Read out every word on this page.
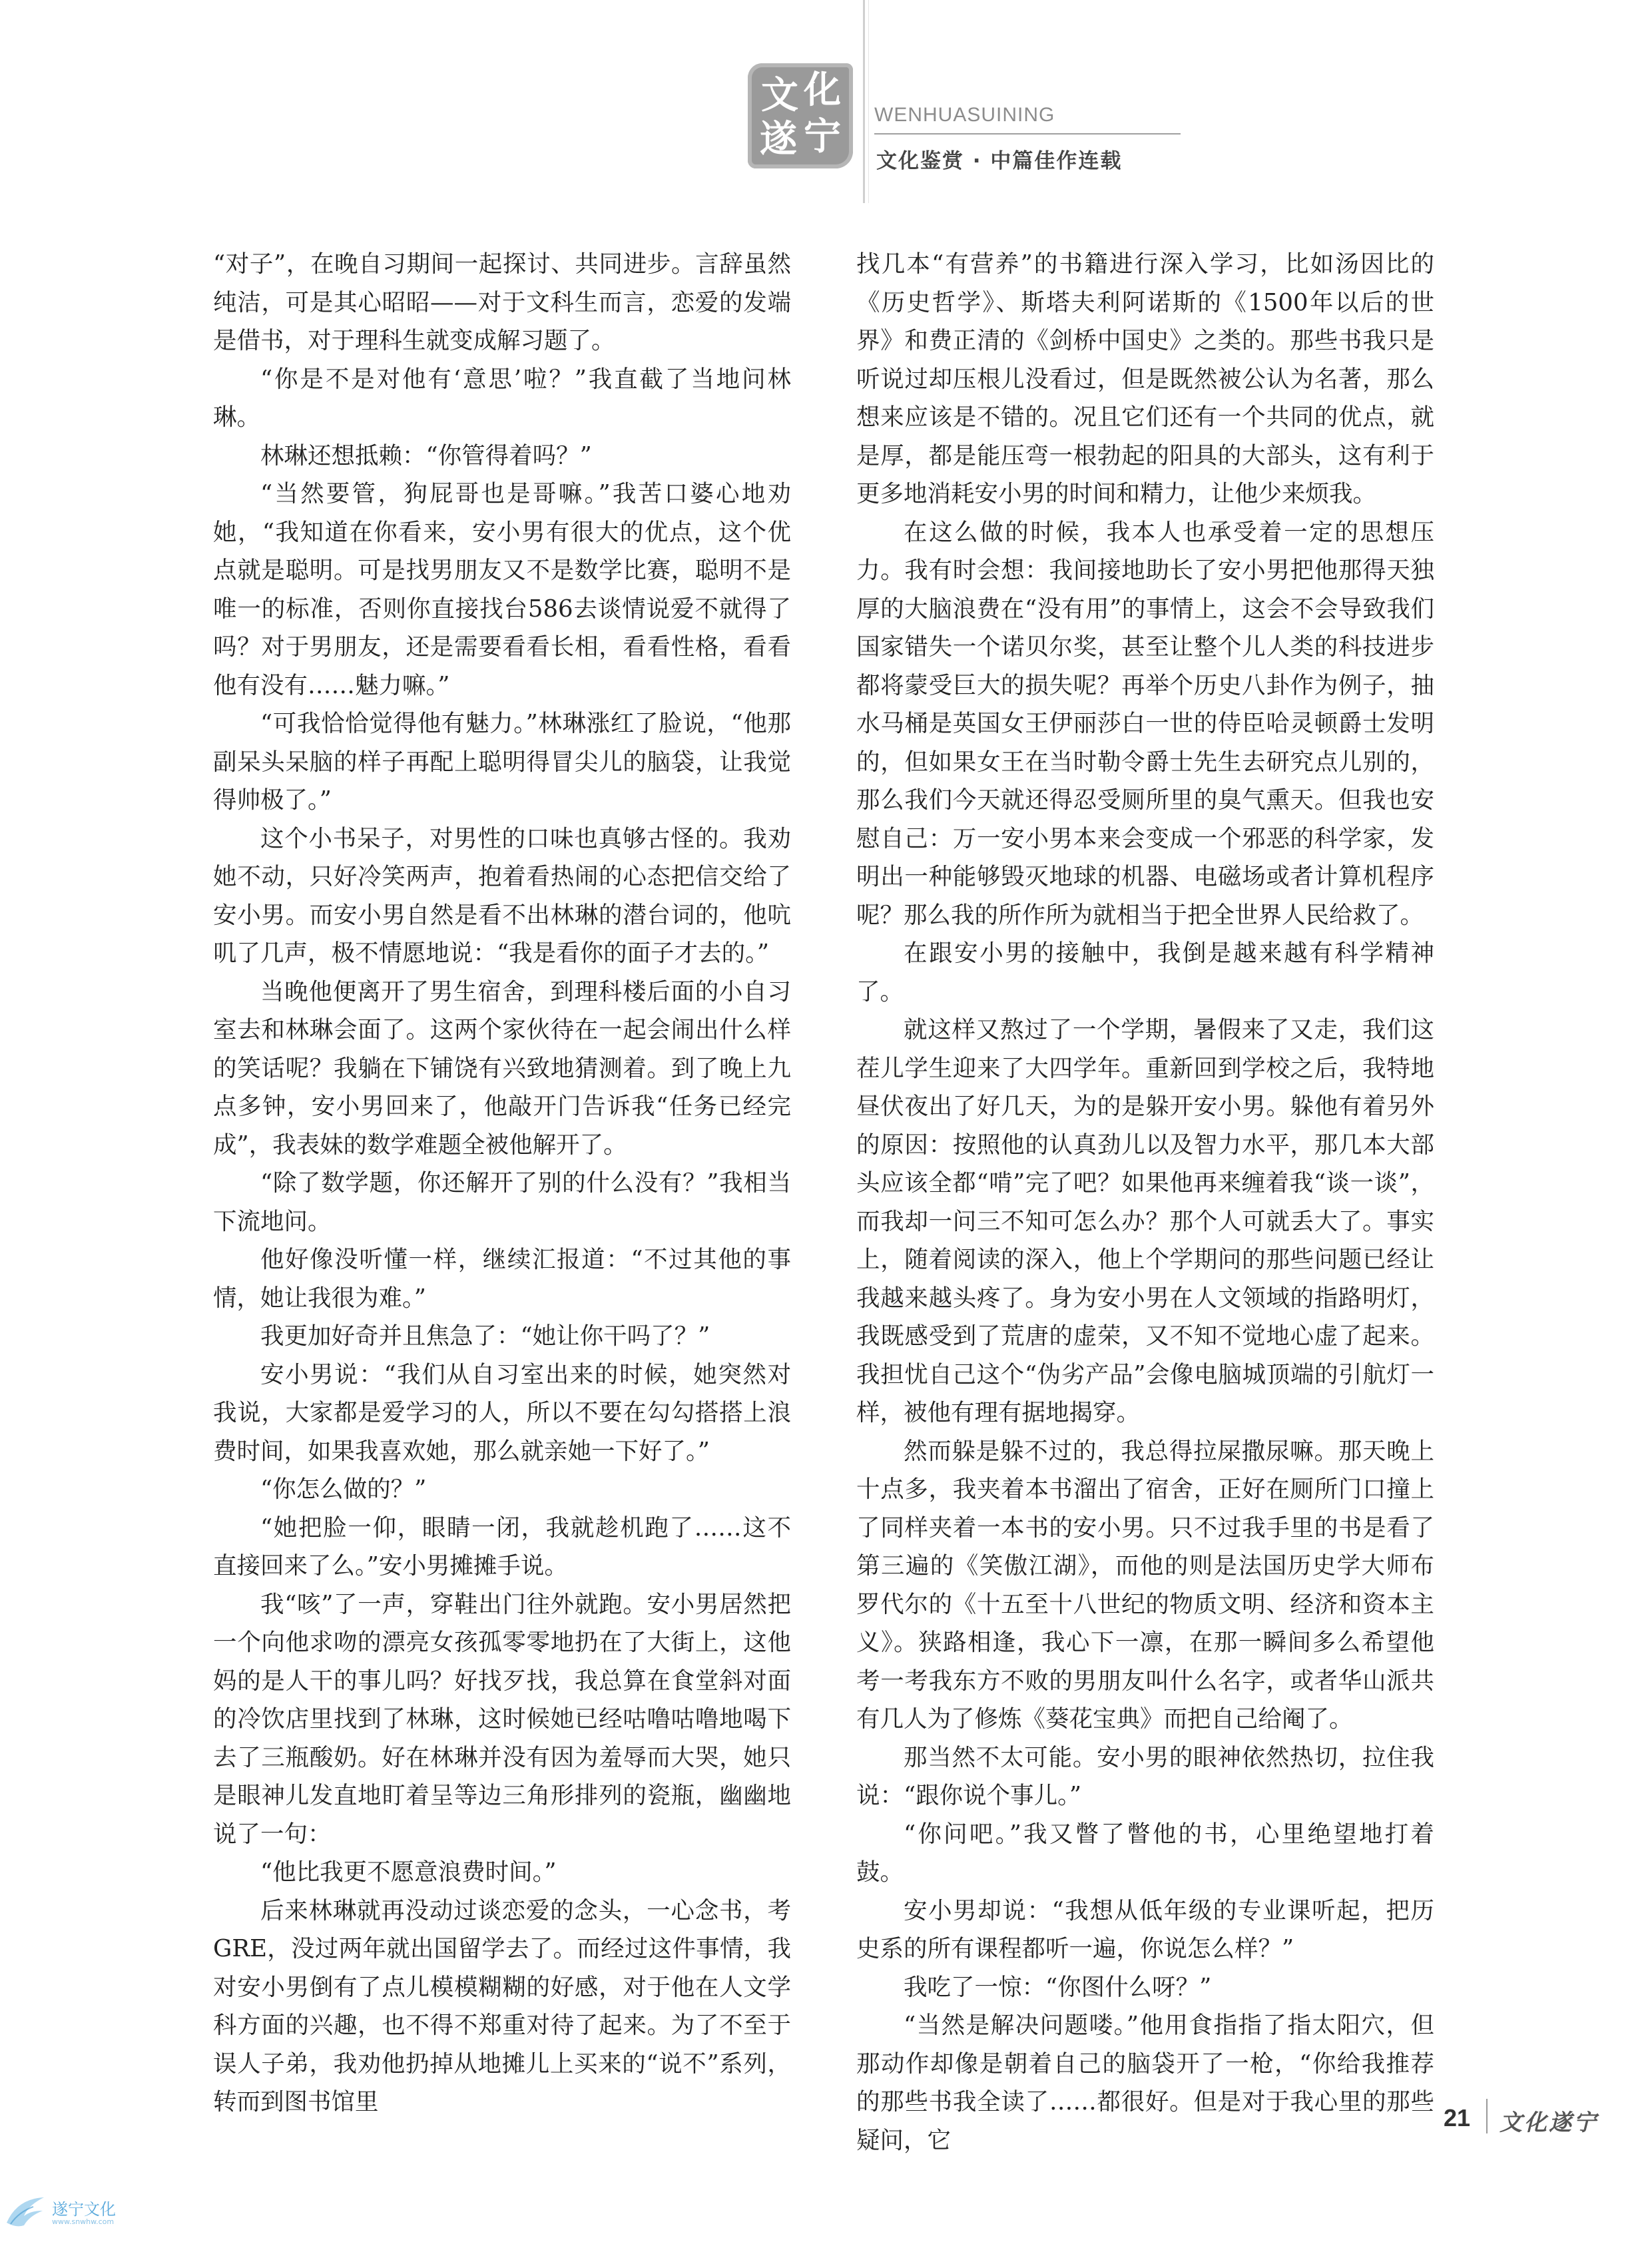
文 化
遂 宁 WENHUASUINING
文化鉴赏 · 中篇佳作连载

“对子”，在晚自习期间一起探讨、共同进步。言辞虽然纯洁，可是其心昭昭——对于文科生而言，恋爱的发端是借书，对于理科生就变成解习题了。

“你是不是对他有‘意思’啦？”我直截了当地问林琳。

林琳还想抵赖：“你管得着吗？”

“当然要管，狗屁哥也是哥嘛。”我苦口婆心地劝她，“我知道在你看来，安小男有很大的优点，这个优点就是聪明。可是找男朋友又不是数学比赛，聪明不是唯一的标准，否则你直接找台586去谈情说爱不就得了吗？对于男朋友，还是需要看看长相，看看性格，看看他有没有……魅力嘛。”

“可我恰恰觉得他有魅力。”林琳涨红了脸说，“他那副呆头呆脑的样子再配上聪明得冒尖儿的脑袋，让我觉得帅极了。”

这个小书呆子，对男性的口味也真够古怪的。我劝她不动，只好冷笑两声，抱着看热闹的心态把信交给了安小男。而安小男自然是看不出林琳的潜台词的，他吭叽了几声，极不情愿地说：“我是看你的面子才去的。”

当晚他便离开了男生宿舍，到理科楼后面的小自习室去和林琳会面了。这两个家伙待在一起会闹出什么样的笑话呢？我躺在下铺饶有兴致地猜测着。到了晚上九点多钟，安小男回来了，他敲开门告诉我“任务已经完成”，我表妹的数学难题全被他解开了。

“除了数学题，你还解开了别的什么没有？”我相当下流地问。

他好像没听懂一样，继续汇报道：“不过其他的事情，她让我很为难。”

我更加好奇并且焦急了：“她让你干吗了？”

安小男说：“我们从自习室出来的时候，她突然对我说，大家都是爱学习的人，所以不要在勾勾搭搭上浪费时间，如果我喜欢她，那么就亲她一下好了。”

“你怎么做的？”

“她把脸一仰，眼睛一闭，我就趁机跑了……这不直接回来了么。”安小男摊摊手说。

我“咳”了一声，穿鞋出门往外就跑。安小男居然把一个向他求吻的漂亮女孩孤零零地扔在了大街上，这他妈的是人干的事儿吗？好找歹找，我总算在食堂斜对面的冷饮店里找到了林琳，这时候她已经咕噜咕噜地喝下去了三瓶酸奶。好在林琳并没有因为羞辱而大哭，她只是眼神儿发直地盯着呈等边三角形排列的瓷瓶，幽幽地说了一句：

“他比我更不愿意浪费时间。”

后来林琳就再没动过谈恋爱的念头，一心念书，考GRE，没过两年就出国留学去了。而经过这件事情，我对安小男倒有了点儿模模糊糊的好感，对于他在人文学科方面的兴趣，也不得不郑重对待了起来。为了不至于误人子弟，我劝他扔掉从地摊儿上买来的“说不”系列，转而到图书馆里

找几本“有营养”的书籍进行深入学习，比如汤因比的《历史哲学》、斯塔夫利阿诺斯的《1500年以后的世界》和费正清的《剑桥中国史》之类的。那些书我只是听说过却压根儿没看过，但是既然被公认为名著，那么想来应该是不错的。况且它们还有一个共同的优点，就是厚，都是能压弯一根勃起的阳具的大部头，这有利于更多地消耗安小男的时间和精力，让他少来烦我。

在这么做的时候，我本人也承受着一定的思想压力。我有时会想：我间接地助长了安小男把他那得天独厚的大脑浪费在“没有用”的事情上，这会不会导致我们国家错失一个诺贝尔奖，甚至让整个儿人类的科技进步都将蒙受巨大的损失呢？再举个历史八卦作为例子，抽水马桶是英国女王伊丽莎白一世的侍臣哈灵顿爵士发明的，但如果女王在当时勒令爵士先生去研究点儿别的，那么我们今天就还得忍受厕所里的臭气熏天。但我也安慰自己：万一安小男本来会变成一个邪恶的科学家，发明出一种能够毁灭地球的机器、电磁场或者计算机程序呢？那么我的所作所为就相当于把全世界人民给救了。

在跟安小男的接触中，我倒是越来越有科学精神了。

就这样又熬过了一个学期，暑假来了又走，我们这茬儿学生迎来了大四学年。重新回到学校之后，我特地昼伏夜出了好几天，为的是躲开安小男。躲他有着另外的原因：按照他的认真劲儿以及智力水平，那几本大部头应该全都“啃”完了吧？如果他再来缠着我“谈一谈”，而我却一问三不知可怎么办？那个人可就丢大了。事实上，随着阅读的深入，他上个学期问的那些问题已经让我越来越头疼了。身为安小男在人文领域的指路明灯，我既感受到了荒唐的虚荣，又不知不觉地心虚了起来。我担忧自己这个“伪劣产品”会像电脑城顶端的引航灯一样，被他有理有据地揭穿。

然而躲是躲不过的，我总得拉屎撒尿嘛。那天晚上十点多，我夹着本书溜出了宿舍，正好在厕所门口撞上了同样夹着一本书的安小男。只不过我手里的书是看了第三遍的《笑傲江湖》，而他的则是法国历史学大师布罗代尔的《十五至十八世纪的物质文明、经济和资本主义》。狭路相逢，我心下一凛，在那一瞬间多么希望他考一考我东方不败的男朋友叫什么名字，或者华山派共有几人为了修炼《葵花宝典》而把自己给阉了。

那当然不太可能。安小男的眼神依然热切，拉住我说：“跟你说个事儿。”

“你问吧。”我又瞥了瞥他的书，心里绝望地打着鼓。

安小男却说：“我想从低年级的专业课听起，把历史系的所有课程都听一遍，你说怎么样？”

我吃了一惊：“你图什么呀？”

“当然是解决问题喽。”他用食指指了指太阳穴，但那动作却像是朝着自己的脑袋开了一枪，“你给我推荐的那些书我全读了……都很好。但是对于我心里的那些疑问，它

21 文化遂宁
遂宁文化
www.snwhw.com
